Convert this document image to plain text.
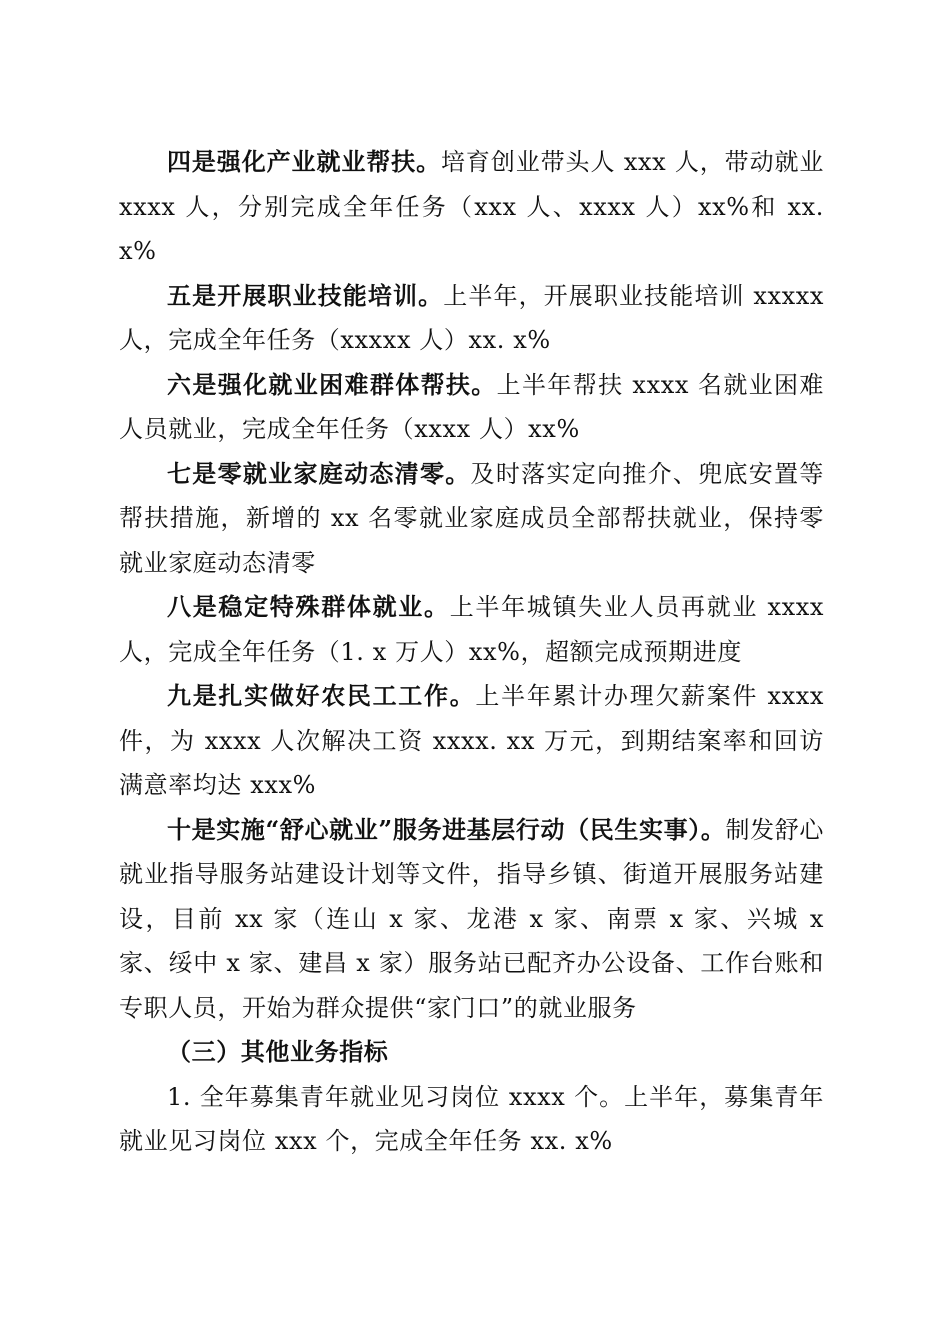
四是强化产业就业帮扶。培育创业带头人 xxx 人，带动就业 xxxx 人，分别完成全年任务（xxx 人、xxxx 人）xx%和 xx. x%

五是开展职业技能培训。上半年，开展职业技能培训 xxxxx 人，完成全年任务（xxxxx 人）xx. x%

六是强化就业困难群体帮扶。上半年帮扶 xxxx 名就业困难人员就业，完成全年任务（xxxx 人）xx%

七是零就业家庭动态清零。及时落实定向推介、兜底安置等帮扶措施，新增的 xx 名零就业家庭成员全部帮扶就业，保持零就业家庭动态清零

八是稳定特殊群体就业。上半年城镇失业人员再就业 xxxx 人，完成全年任务（1. x 万人）xx%，超额完成预期进度

九是扎实做好农民工工作。上半年累计办理欠薪案件 xxxx 件，为 xxxx 人次解决工资 xxxx. xx 万元，到期结案率和回访满意率均达 xxx%

十是实施“舒心就业”服务进基层行动（民生实事）。制发舒心就业指导服务站建设计划等文件，指导乡镇、街道开展服务站建设，目前 xx 家（连山 x 家、龙港 x 家、南票 x 家、兴城 x 家、绥中 x 家、建昌 x 家）服务站已配齐办公设备、工作台账和专职人员，开始为群众提供“家门口”的就业服务

（三）其他业务指标

1. 全年募集青年就业见习岗位 xxxx 个。上半年，募集青年就业见习岗位 xxx 个，完成全年任务 xx. x%
